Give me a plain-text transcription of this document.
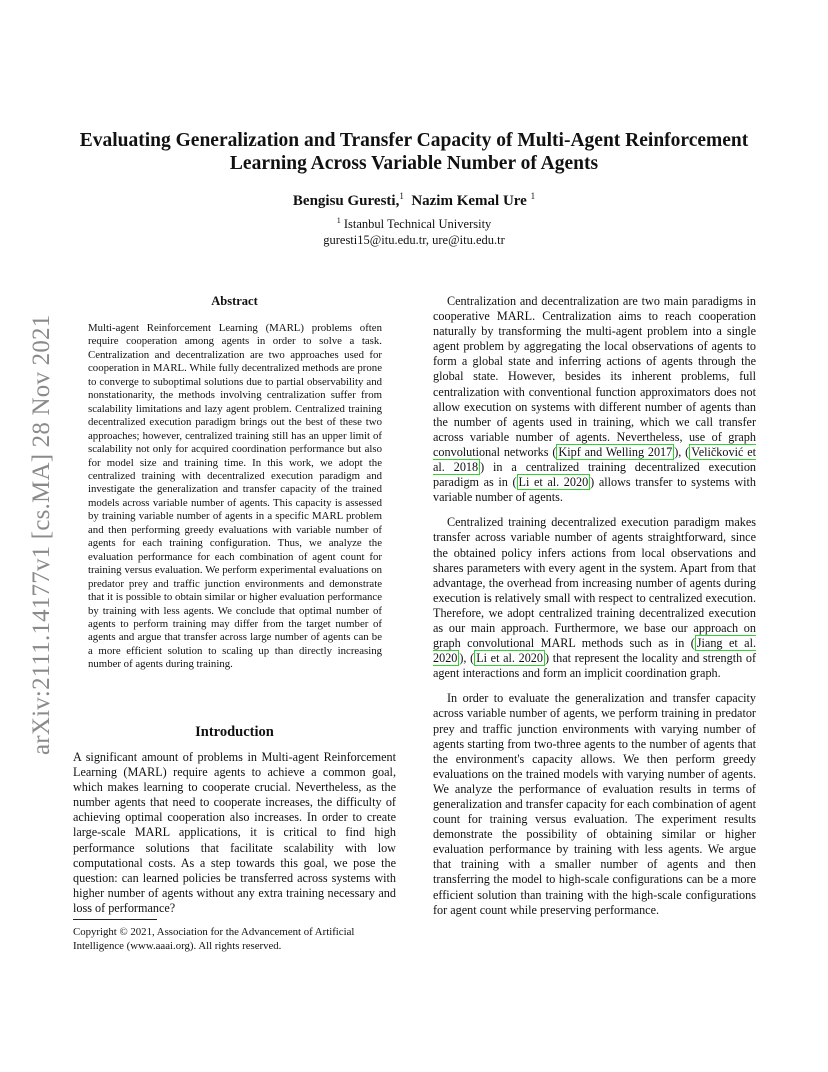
arXiv:2111.14177v1 [cs.MA] 28 Nov 2021
Evaluating Generalization and Transfer Capacity of Multi-Agent Reinforcement
Learning Across Variable Number of Agents
Bengisu Guresti,$^1$ Nazim Kemal Ure $^1$
$^1$ Istanbul Technical University
guresti15@itu.edu.tr, ure@itu.edu.tr
Abstract
Multi-agent Reinforcement Learning (MARL) problems often require cooperation among agents in order to solve a task. Centralization and decentralization are two approaches used for cooperation in MARL. While fully decentralized methods are prone to converge to suboptimal solutions due to partial observability and nonstationarity, the methods involving centralization suffer from scalability limitations and lazy agent problem. Centralized training decentralized execution paradigm brings out the best of these two approaches; however, centralized training still has an upper limit of scalability not only for acquired coordination performance but also for model size and training time. In this work, we adopt the centralized training with decentralized execution paradigm and investigate the generalization and transfer capacity of the trained models across variable number of agents. This capacity is assessed by training variable number of agents in a specific MARL problem and then performing greedy evaluations with variable number of agents for each training configuration. Thus, we analyze the evaluation performance for each combination of agent count for training versus evaluation. We perform experimental evaluations on predator prey and traffic junction environments and demonstrate that it is possible to obtain similar or higher evaluation performance by training with less agents. We conclude that optimal number of agents to perform training may differ from the target number of agents and argue that transfer across large number of agents can be a more efficient solution to scaling up than directly increasing number of agents during training.
Introduction

A significant amount of problems in Multi-agent Reinforcement Learning (MARL) require agents to achieve a common goal, which makes learning to cooperate crucial. Nevertheless, as the number agents that need to cooperate increases, the difficulty of achieving optimal cooperation also increases. In order to create large-scale MARL applications, it is critical to find high performance solutions that facilitate scalability with low computational costs. As a step towards this goal, we pose the question: can learned policies be transferred across systems with higher number of agents without any extra training necessary and loss of performance?

Copyright © 2021, Association for the Advancement of Artificial Intelligence (www.aaai.org). All rights reserved.

Centralization and decentralization are two main paradigms in cooperative MARL. Centralization aims to reach cooperation naturally by transforming the multi-agent problem into a single agent problem by aggregating the local observations of agents to form a global state and inferring actions of agents through the global state. However, besides its inherent problems, full centralization with conventional function approximators does not allow execution on systems with different number of agents than the number of agents used in training, which we call transfer across variable number of agents. Nevertheless, use of graph convolutional networks ( Kipf and Welling 2017 ), ( Veličković et al. 2018 ) in a centralized training decentralized execution paradigm as in ( Li et al. 2020 ) allows transfer to systems with variable number of agents.

Centralized training decentralized execution paradigm makes transfer across variable number of agents straightforward, since the obtained policy infers actions from local observations and shares parameters with every agent in the system. Apart from that advantage, the overhead from increasing number of agents during execution is relatively small with respect to centralized execution. Therefore, we adopt centralized training decentralized execution as our main approach. Furthermore, we base our approach on graph convolutional MARL methods such as in ( Jiang et al. 2020 ), ( Li et al. 2020 ) that represent the locality and strength of agent interactions and form an implicit coordination graph.

In order to evaluate the generalization and transfer capacity across variable number of agents, we perform training in predator prey and traffic junction environments with varying number of agents starting from two-three agents to the number of agents that the environment's capacity allows. We then perform greedy evaluations on the trained models with varying number of agents. We analyze the performance of evaluation results in terms of generalization and transfer capacity for each combination of agent count for training versus evaluation. The experiment results demonstrate the possibility of obtaining similar or higher evaluation performance by training with less agents. We argue that training with a smaller number of agents and then transferring the model to high-scale configurations can be a more efficient solution than training with the high-scale configurations for agent count while preserving performance.
